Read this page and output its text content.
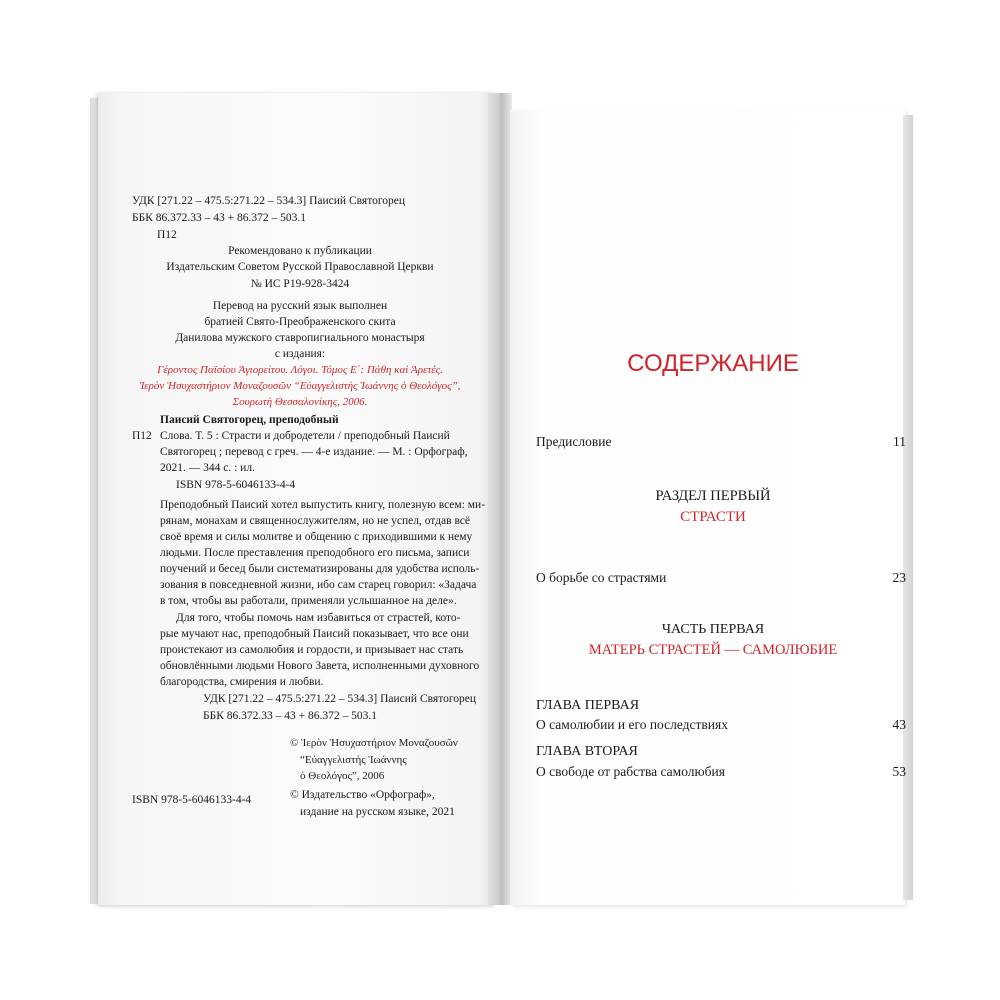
УДК [271.22 – 475.5:271.22 – 534.3] Паисий Святогорец
ББК 86.372.33 – 43 + 86.372 – 503.1
П12
Рекомендовано к публикации
Издательским Советом Русской Православной Церкви
№ ИС Р19-928-3424
Перевод на русский язык выполнен
братией Свято-Преображенского скита
Данилова мужского ставропигиального монастыря
с издания:
Γέροντος Παϊσίου Ἁγιορείτου. Λόγοι. Τόμος Ε΄: Πάθη καὶ Ἀρετές.
Ἱερὸν Ἡσυχαστήριον Μοναζουσῶν “Εὐαγγελιστὴς Ἰωάννης ὁ Θεολόγος”,
Σουρωτὴ Θεσσαλονίκης, 2006.
Паисий Святогорец, преподобный
П12 Слова. Т. 5 : Страсти и добродетели / преподобный Паисий
Святогорец ; перевод с греч. — 4-е издание. — М. : Орфограф,
2021. — 344 с. : ил.
ISBN 978-5-6046133-4-4
Преподобный Паисий хотел выпустить книгу, полезную всем: ми-
рянам, монахам и священнослужителям, но не успел, отдав всё
своё время и силы молитве и общению с приходившими к нему
людьми. После преставления преподобного его письма, записи
поучений и бесед были систематизированы для удобства исполь-
зования в повседневной жизни, ибо сам старец говорил: «Задача
в том, чтобы вы работали, применяли услышанное на деле».
Для того, чтобы помочь нам избавиться от страстей, кото-
рые мучают нас, преподобный Паисий показывает, что все они
проистекают из самолюбия и гордости, и призывает нас стать
обновлёнными людьми Нового Завета, исполненными духовного
благородства, смирения и любви.
УДК [271.22 – 475.5:271.22 – 534.3] Паисий Святогорец
ББК 86.372.33 – 43 + 86.372 – 503.1
© Ἱερὸν Ἡσυχαστήριον Μοναζουσῶν
“Εὐαγγελιστὴς Ἰωάννης
ὁ Θεολόγος”, 2006
© Издательство «Орфограф»,
издание на русском языке, 2021
ISBN 978-5-6046133-4-4
СОДЕРЖАНИЕ
Предисловие	11
РАЗДЕЛ ПЕРВЫЙ
СТРАСТИ
О борьбе со страстями	23
ЧАСТЬ ПЕРВАЯ
МАТЕРЬ СТРАСТЕЙ — САМОЛЮБИЕ
ГЛАВА ПЕРВАЯ
О самолюбии и его последствиях	43
ГЛАВА ВТОРАЯ
О свободе от рабства самолюбия	53
